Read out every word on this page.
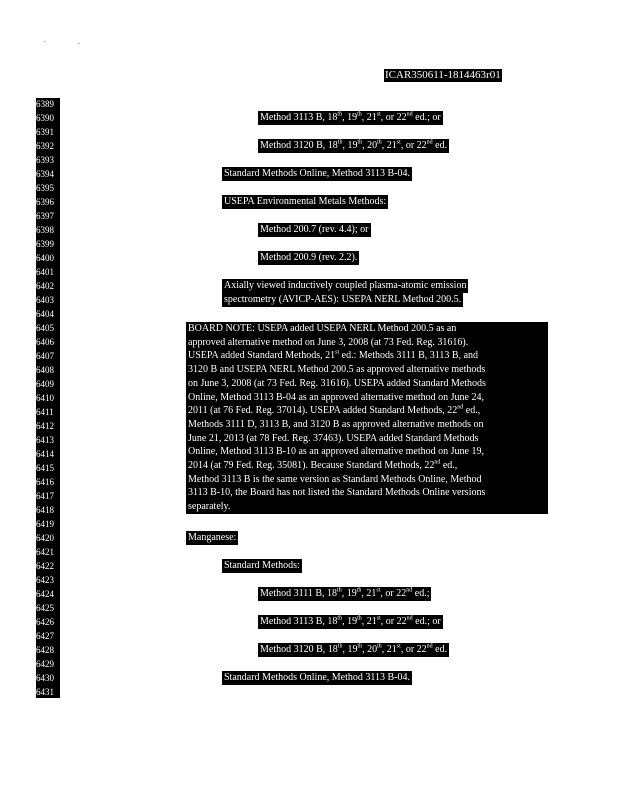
ICAR350611-1814463r01
6389
6390
6391
6392
6393
6394
6395
6396
6397
6398
6399
6400
6401
6402
6403
6404
6405
6406
6407
6408
6409
6410
6411
6412
6413
6414
6415
6416
6417
6418
6419
6420
6421
6422
6423
6424
6425
6426
6427
6428
6429
6430
6431
ii)	Method 3113 B, 18th, 19th, 21st, or 22nd ed.; or
iii)	Method 3120 B, 18th, 19th, 20th, 21st, or 22nd ed.
B)	Standard Methods Online, Method 3113 B-04.
C)	USEPA Environmental Metals Methods:
i)	Method 200.7 (rev. 4.4); or
ii)	Method 200.9 (rev. 2.2).
D)	Axially viewed inductively coupled plasma-atomic emission
spectrometry (AVICP-AES): USEPA NERL Method 200.5.
BOARD NOTE: USEPA added USEPA NERL Method 200.5 as an
approved alternative method on June 3, 2008 (at 73 Fed. Reg. 31616).
USEPA added Standard Methods, 21st ed.: Methods 3111 B, 3113 B, and
3120 B and USEPA NERL Method 200.5 as approved alternative methods
on June 3, 2008 (at 73 Fed. Reg. 31616). USEPA added Standard Methods
Online, Method 3113 B-04 as an approved alternative method on June 24,
2011 (at 76 Fed. Reg. 37014). USEPA added Standard Methods, 22nd ed.,
Methods 3111 D, 3113 B, and 3120 B as approved alternative methods on
June 21, 2013 (at 78 Fed. Reg. 37463). USEPA added Standard Methods
Online, Method 3113 B-10 as an approved alternative method on June 19,
2014 (at 79 Fed. Reg. 35081). Because Standard Methods, 22nd ed.,
Method 3113 B is the same version as Standard Methods Online, Method
3113 B-10, the Board has not listed the Standard Methods Online versions
separately.
3)	Manganese:
A)	Standard Methods:
i)	Method 3111 B, 18th, 19th, 21st, or 22nd ed.;
ii)	Method 3113 B, 18th, 19th, 21st, or 22nd ed.; or
iii)	Method 3120 B, 18th, 19th, 20th, 21st, or 22nd ed.
B)	Standard Methods Online, Method 3113 B-04.
